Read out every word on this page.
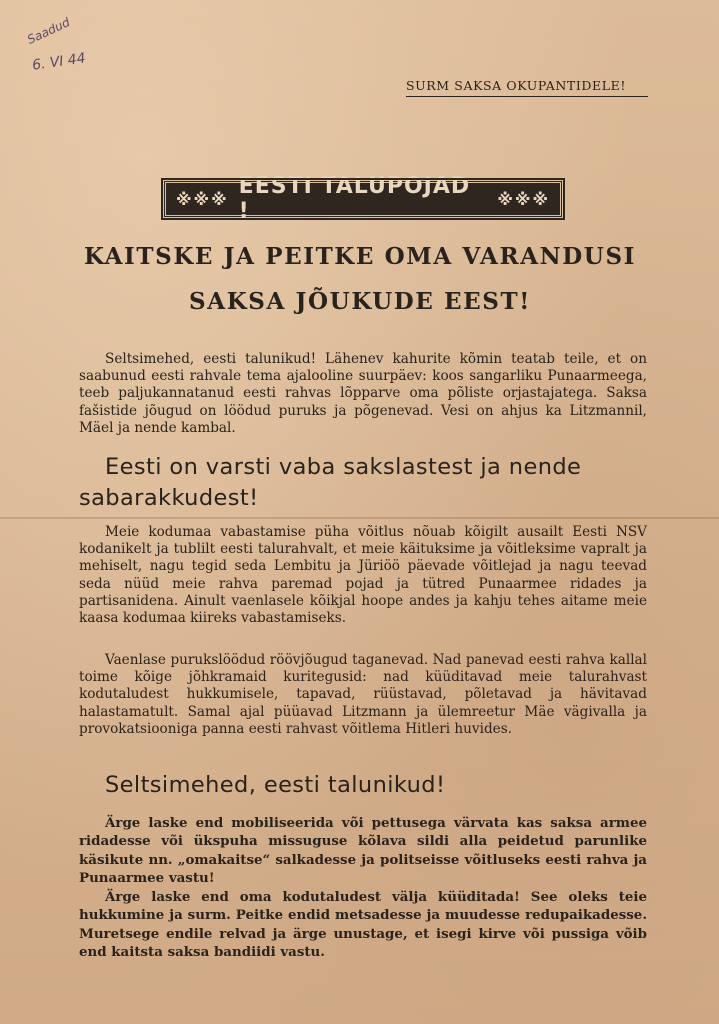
Saadud
6. VI 44
SURM SAKSA OKUPANTIDELE!
※※※ EESTI TALUPOJAD !	※※※
KAITSKE JA PEITKE OMA VARANDUSI
SAKSA JÕUKUDE EEST!

Seltsimehed, eesti talunikud! Lähenev kahurite kõmin teatab teile, et on saabunud eesti rahvale tema ajalooline suurpäev: koos sangarliku Punaarmeega, teeb paljukannatanud eesti rahvas lõpparve oma põliste orjastajatega. Saksa fašistide jõugud on löödud puruks ja põgenevad. Vesi on ahjus ka Litzmannil, Mäel ja nende kambal.

Eesti on varsti vaba sakslastest ja nende sabarakkudest!

Meie kodumaa vabastamise püha võitlus nõuab kõigilt ausailt Eesti NSV kodanikelt ja tublilt eesti talurahvalt, et meie käituksime ja võitleksime vapralt ja mehiselt, nagu tegid seda Lembitu ja Jüriöö päevade võitlejad ja nagu teevad seda nüüd meie rahva paremad pojad ja tütred Punaarmee ridades ja partisanidena. Ainult vaenlasele kõikjal hoope andes ja kahju tehes aitame meie kaasa kodumaa kiireks vabastamiseks.

Vaenlase purukslöödud röövjõugud taganevad. Nad panevad eesti rahva kallal toime kõige jõhkramaid kuritegusid: nad küüditavad meie talurahvast kodutaludest hukkumisele, tapavad, rüüstavad, põletavad ja hävitavad halastamatult. Samal ajal püüavad Litzmann ja ülemreetur Mäe vägivalla ja provokatsiooniga panna eesti rahvast võitlema Hitleri huvides.

Seltsimehed, eesti talunikud!

Ärge laske end mobiliseerida või pettusega värvata kas saksa armee ridadesse või ükspuha missuguse kõlava sildi alla peidetud parunlike käsikute nn. „omakaitse“ salkadesse ja politseisse võitluseks eesti rahva ja Punaarmee vastu!

Ärge laske end oma kodutaludest välja küüditada! See oleks teie hukkumine ja surm. Peitke endid metsadesse ja muudesse redupaikadesse. Muretsege endile relvad ja ärge unustage, et isegi kirve või pussiga võib end kaitsta saksa bandiidi vastu.
